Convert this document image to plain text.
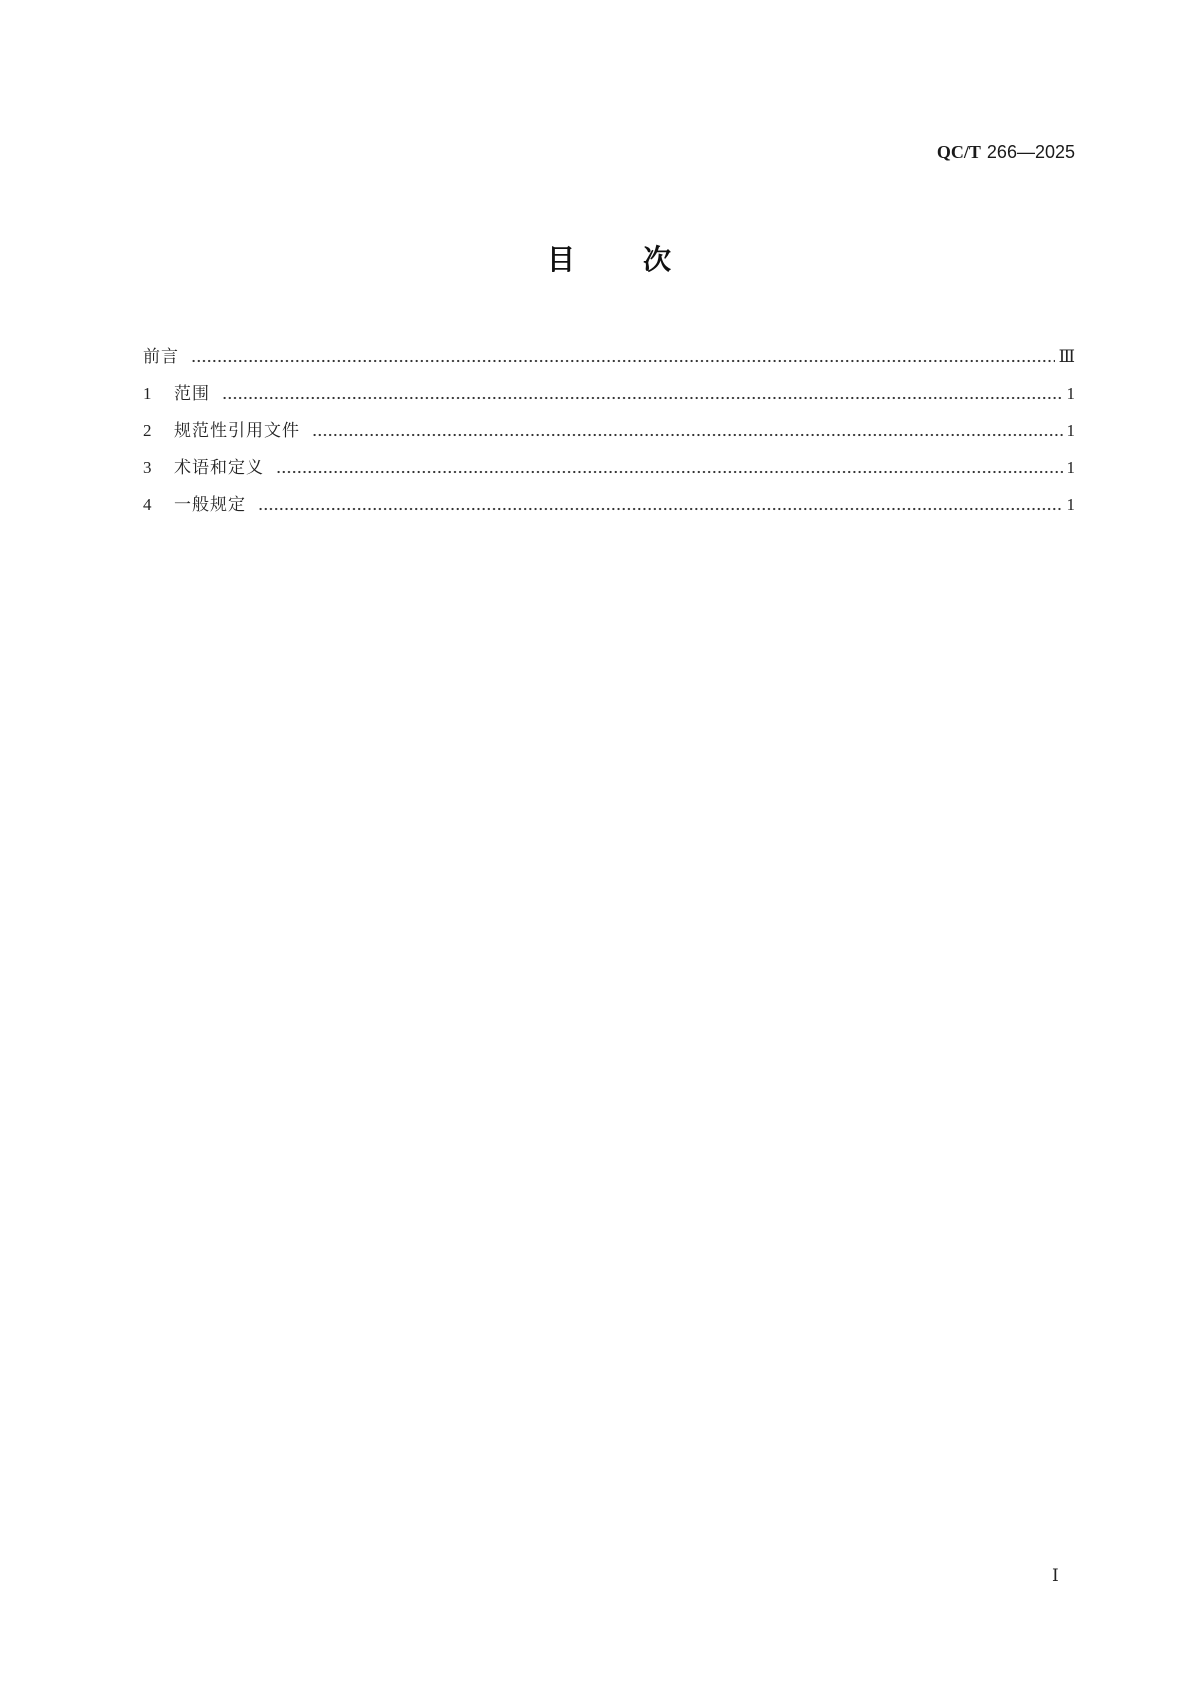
QC/T 266—2025
目 次
前言	Ⅲ
1	范围	1
2	规范性引用文件	1
3	术语和定义	1
4	一般规定	1
Ⅰ
